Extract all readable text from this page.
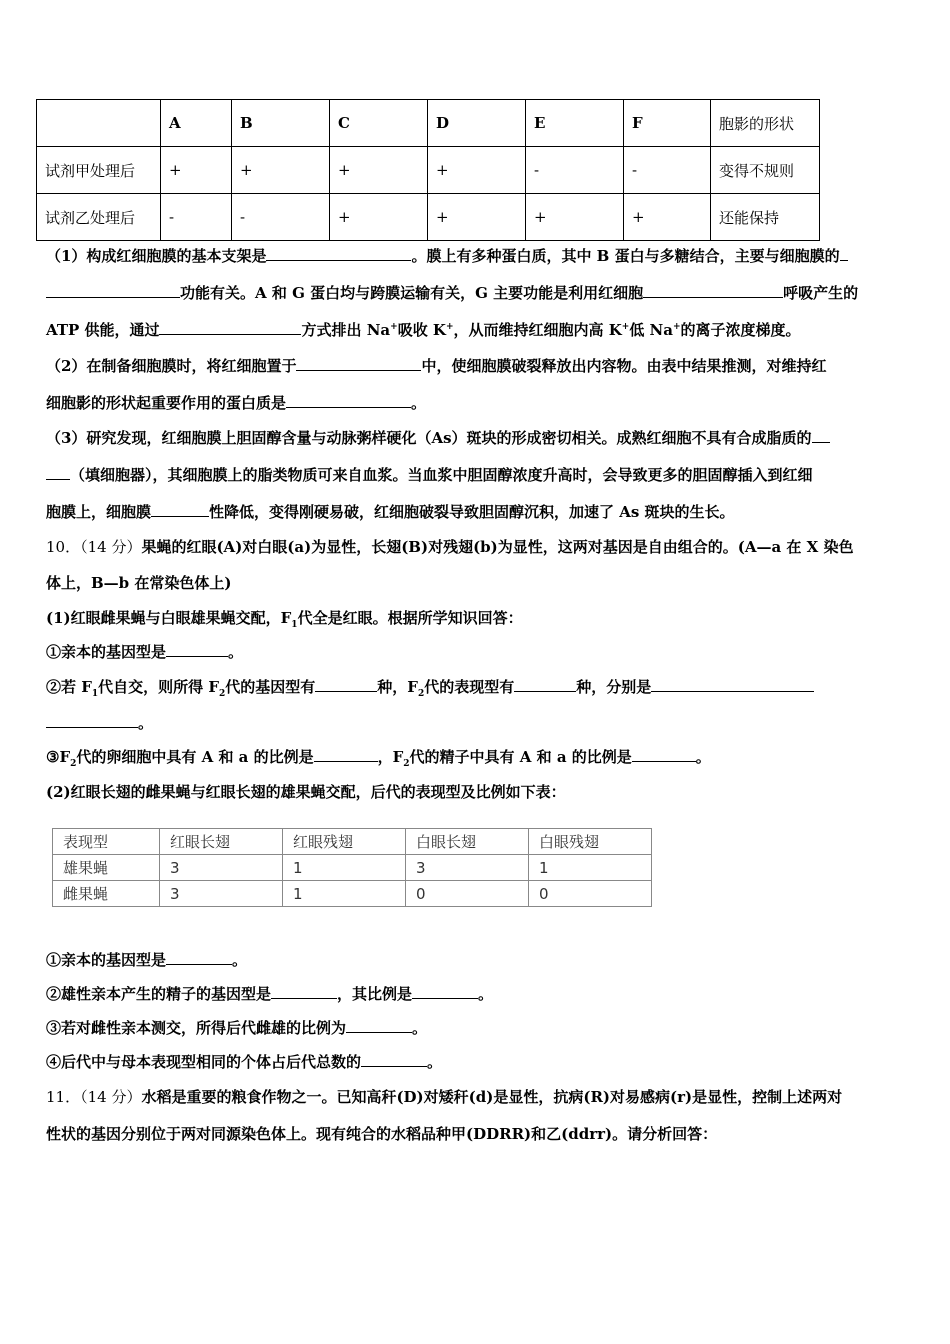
	A	B	C	D	E	F	胞影的形状
试剂甲处理后	+	+	+	+	-	-	变得不规则
试剂乙处理后	-	-	+	+	+	+	还能保持
（1）构成红细胞膜的基本支架是	。膜上有多种蛋白质，其中 B 蛋白与多糖结合，主要与细胞膜的
功能有关。A 和 G 蛋白均与跨膜运输有关，G 主要功能是利用红细胞	呼吸产生的
ATP 供能，通过	方式排出 Na+吸收 K+，从而维持红细胞内高 K+低 Na+的离子浓度梯度。
（2）在制备细胞膜时，将红细胞置于	中，使细胞膜破裂释放出内容物。由表中结果推测，对维持红
细胞影的形状起重要作用的蛋白质是	。
（3）研究发现，红细胞膜上胆固醇含量与动脉粥样硬化（As）斑块的形成密切相关。成熟红细胞不具有合成脂质的
（填细胞器），其细胞膜上的脂类物质可来自血浆。当血浆中胆固醇浓度升高时，会导致更多的胆固醇插入到红细
胞膜上，细胞膜	性降低，变得刚硬易破，红细胞破裂导致胆固醇沉积，加速了 As 斑块的生长。
10．（14 分）果蝇的红眼(A)对白眼(a)为显性，长翅(B)对残翅(b)为显性，这两对基因是自由组合的。(A—a 在 X 染色
体上，B—b 在常染色体上)
(1)红眼雌果蝇与白眼雄果蝇交配，$F_1$代全是红眼。根据所学知识回答：
①亲本的基因型是	。
②若 $F_1$代自交，则所得 $F_2$代的基因型有	种，$F_2$代的表现型有	种，分别是
。
$③F_2$代的卵细胞中具有 A 和 a 的比例是	，$F_2$代的精子中具有 A 和 a 的比例是	。
(2)红眼长翅的雌果蝇与红眼长翅的雄果蝇交配，后代的表现型及比例如下表：
表现型	红眼长翅	红眼残翅	白眼长翅	白眼残翅
雄果蝇	3	1	3	1
雌果蝇	3	1	0	0
①亲本的基因型是	。
②雄性亲本产生的精子的基因型是	，其比例是	。
③若对雌性亲本测交，所得后代雌雄的比例为	。
④后代中与母本表现型相同的个体占后代总数的	。
11．（14 分）水稻是重要的粮食作物之一。已知高秆(D)对矮秆(d)是显性，抗病(R)对易感病(r)是显性，控制上述两对
性状的基因分别位于两对同源染色体上。现有纯合的水稻品种甲(DDRR)和乙(ddrr)。请分析回答：
